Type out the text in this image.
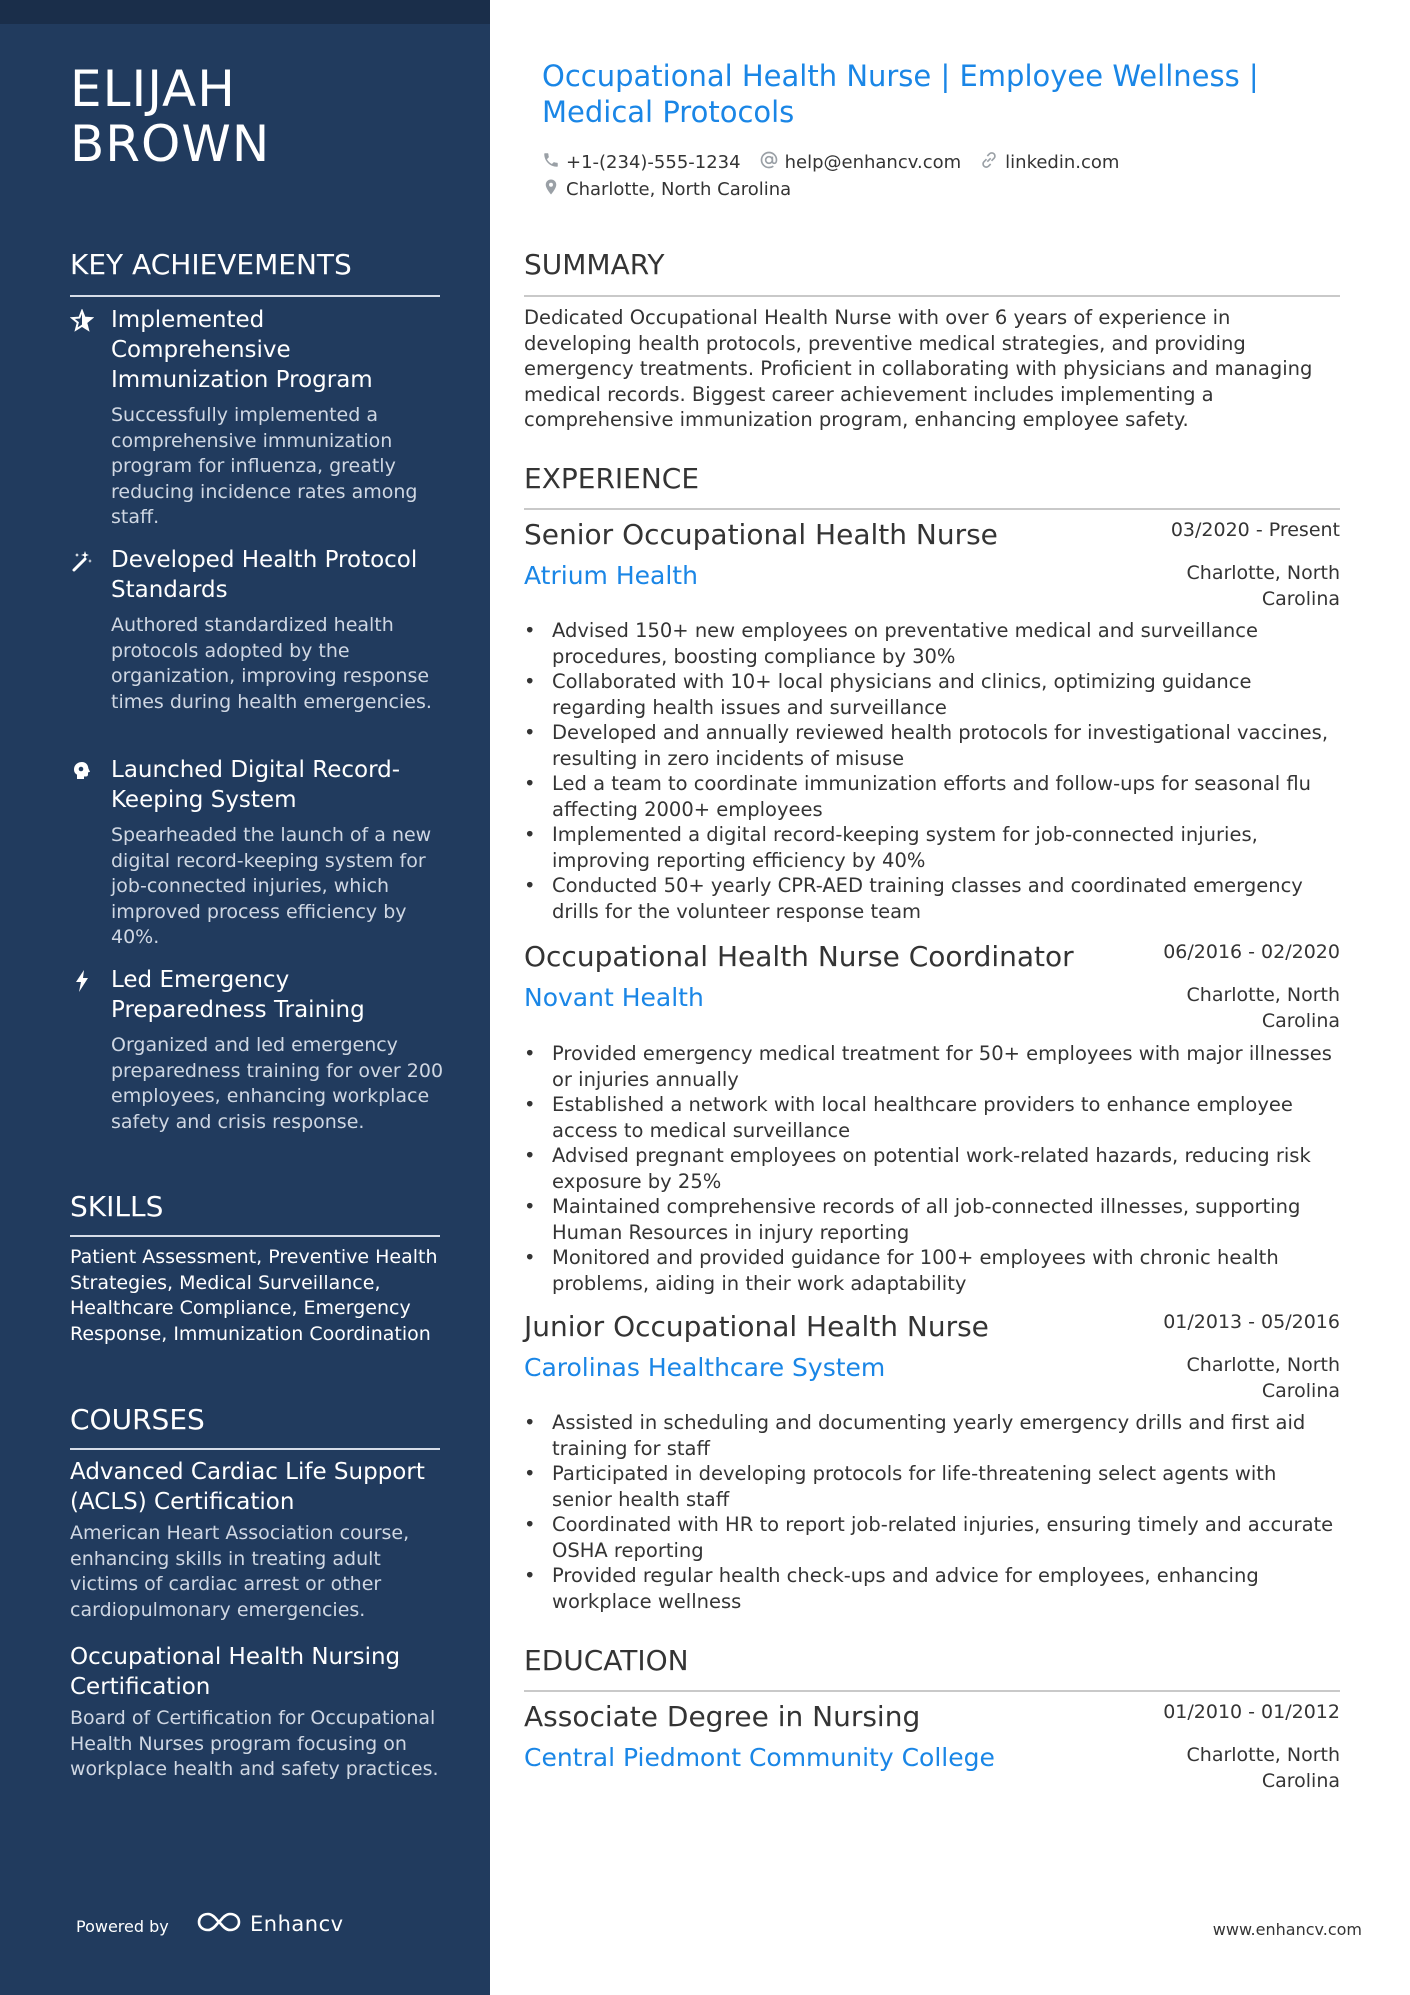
ELIJAH
BROWN
KEY ACHIEVEMENTS
Implemented Comprehensive Immunization Program
Successfully implemented a comprehensive immunization program for influenza, greatly reducing incidence rates among staff.
Developed Health Protocol Standards
Authored standardized health protocols adopted by the organization, improving response times during health emergencies.
Launched Digital Record-Keeping System
Spearheaded the launch of a new digital record-keeping system for job-connected injuries, which improved process efficiency by 40%.
Led Emergency Preparedness Training
Organized and led emergency preparedness training for over 200 employees, enhancing workplace safety and crisis response.
SKILLS
Patient Assessment, Preventive Health Strategies, Medical Surveillance, Healthcare Compliance, Emergency Response, Immunization Coordination
COURSES
Advanced Cardiac Life Support (ACLS) Certification
American Heart Association course, enhancing skills in treating adult victims of cardiac arrest or other cardiopulmonary emergencies.
Occupational Health Nursing Certification
Board of Certification for Occupational Health Nurses program focusing on workplace health and safety practices.
Powered by	Enhancv
Occupational Health Nurse | Employee Wellness | Medical Protocols
+1-(234)-555-1234 help@enhancv.com linkedin.com
Charlotte, North Carolina
SUMMARY
Dedicated Occupational Health Nurse with over 6 years of experience in developing health protocols, preventive medical strategies, and providing emergency treatments. Proficient in collaborating with physicians and managing medical records. Biggest career achievement includes implementing a comprehensive immunization program, enhancing employee safety.
EXPERIENCE
Senior Occupational Health Nurse	03/2020 - Present
Atrium Health	Charlotte, North Carolina
• Advised 150+ new employees on preventative medical and surveillance procedures, boosting compliance by 30%
• Collaborated with 10+ local physicians and clinics, optimizing guidance regarding health issues and surveillance
• Developed and annually reviewed health protocols for investigational vaccines, resulting in zero incidents of misuse
• Led a team to coordinate immunization efforts and follow-ups for seasonal flu affecting 2000+ employees
• Implemented a digital record-keeping system for job-connected injuries, improving reporting efficiency by 40%
• Conducted 50+ yearly CPR-AED training classes and coordinated emergency drills for the volunteer response team
Occupational Health Nurse Coordinator	06/2016 - 02/2020
Novant Health	Charlotte, North Carolina
• Provided emergency medical treatment for 50+ employees with major illnesses or injuries annually
• Established a network with local healthcare providers to enhance employee access to medical surveillance
• Advised pregnant employees on potential work-related hazards, reducing risk exposure by 25%
• Maintained comprehensive records of all job-connected illnesses, supporting Human Resources in injury reporting
• Monitored and provided guidance for 100+ employees with chronic health problems, aiding in their work adaptability
Junior Occupational Health Nurse	01/2013 - 05/2016
Carolinas Healthcare System	Charlotte, North Carolina
• Assisted in scheduling and documenting yearly emergency drills and first aid training for staff
• Participated in developing protocols for life-threatening select agents with senior health staff
• Coordinated with HR to report job-related injuries, ensuring timely and accurate OSHA reporting
• Provided regular health check-ups and advice for employees, enhancing workplace wellness
EDUCATION
Associate Degree in Nursing	01/2010 - 01/2012
Central Piedmont Community College	Charlotte, North Carolina
www.enhancv.com
